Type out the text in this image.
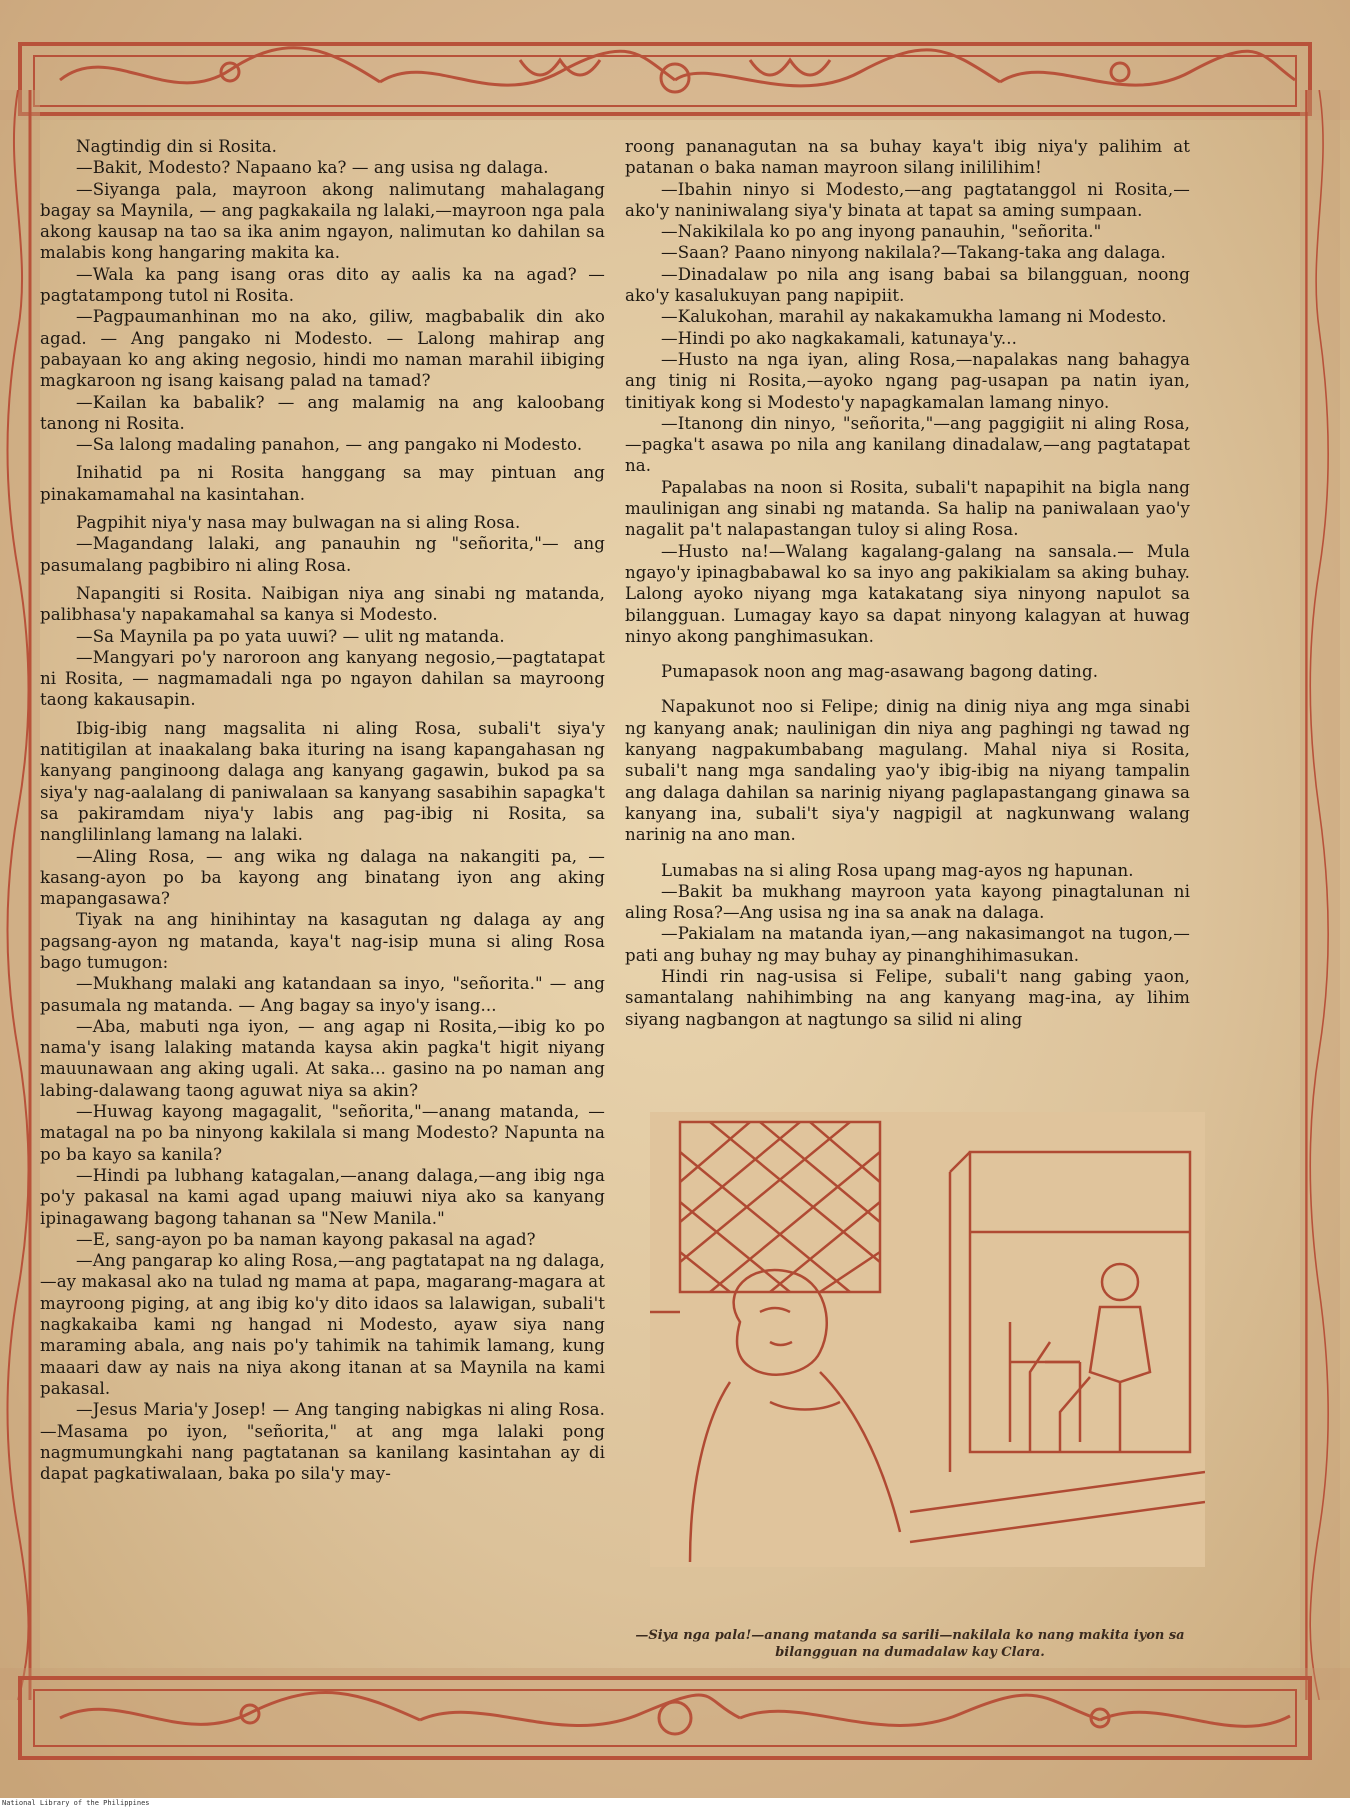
Nagtindig din si Rosita.

—Bakit, Modesto? Napaano ka? — ang usisa ng dalaga.

—Siyanga pala, mayroon akong nalimutang mahalagang bagay sa Maynila, — ang pagkakaila ng lalaki,—mayroon nga pala akong kausap na tao sa ika anim ngayon, nalimutan ko dahilan sa malabis kong hangaring makita ka.

—Wala ka pang isang oras dito ay aalis ka na agad? —pagtatampong tutol ni Rosita.

—Pagpaumanhinan mo na ako, giliw, magbabalik din ako agad. — Ang pangako ni Modesto. — Lalong mahirap ang pabayaan ko ang aking negosio, hindi mo naman marahil iibiging magkaroon ng isang kaisang palad na tamad?

—Kailan ka babalik? — ang malamig na ang kaloobang tanong ni Rosita.

—Sa lalong madaling panahon, — ang pangako ni Modesto.

Inihatid pa ni Rosita hanggang sa may pintuan ang pinakamamahal na kasintahan.

Pagpihit niya'y nasa may bulwagan na si aling Rosa.

—Magandang lalaki, ang panauhin ng "señorita,"— ang pasumalang pagbibiro ni aling Rosa.

Napangiti si Rosita. Naibigan niya ang sinabi ng matanda, palibhasa'y napakamahal sa kanya si Modesto.

—Sa Maynila pa po yata uuwi? — ulit ng matanda.

—Mangyari po'y naroroon ang kanyang negosio,—pagtatapat ni Rosita, — nagmamadali nga po ngayon dahilan sa mayroong taong kakausapin.

Ibig-ibig nang magsalita ni aling Rosa, subali't siya'y natitigilan at inaakalang baka ituring na isang kapangahasan ng kanyang panginoong dalaga ang kanyang gagawin, bukod pa sa siya'y nag-aalalang di paniwalaan sa kanyang sasabihin sapagka't sa pakiramdam niya'y labis ang pag-ibig ni Rosita, sa nanglilinlang lamang na lalaki.

—Aling Rosa, — ang wika ng dalaga na nakangiti pa, —kasang-ayon po ba kayong ang binatang iyon ang aking mapangasawa?

Tiyak na ang hinihintay na kasagutan ng dalaga ay ang pagsang-ayon ng matanda, kaya't nag-isip muna si aling Rosa bago tumugon:

—Mukhang malaki ang katandaan sa inyo, "señorita." — ang pasumala ng matanda. — Ang bagay sa inyo'y isang...

—Aba, mabuti nga iyon, — ang agap ni Rosita,—ibig ko po nama'y isang lalaking matanda kaysa akin pagka't higit niyang mauunawaan ang aking ugali. At saka... gasino na po naman ang labing-dalawang taong aguwat niya sa akin?

—Huwag kayong magagalit, "señorita,"—anang matanda, —matagal na po ba ninyong kakilala si mang Modesto? Napunta na po ba kayo sa kanila?

—Hindi pa lubhang katagalan,—anang dalaga,—ang ibig nga po'y pakasal na kami agad upang maiuwi niya ako sa kanyang ipinagawang bagong tahanan sa "New Manila."

—E, sang-ayon po ba naman kayong pakasal na agad?

—Ang pangarap ko aling Rosa,—ang pagtatapat na ng dalaga,—ay makasal ako na tulad ng mama at papa, magarang-magara at mayroong piging, at ang ibig ko'y dito idaos sa lalawigan, subali't nagkakaiba kami ng hangad ni Modesto, ayaw siya nang maraming abala, ang nais po'y tahimik na tahimik lamang, kung maaari daw ay nais na niya akong itanan at sa Maynila na kami pakasal.

—Jesus Maria'y Josep! — Ang tanging nabigkas ni aling Rosa.—Masama po iyon, "señorita," at ang mga lalaki pong nagmumungkahi nang pagtatanan sa kanilang kasintahan ay di dapat pagkatiwalaan, baka po sila'y may-

roong pananagutan na sa buhay kaya't ibig niya'y palihim at patanan o baka naman mayroon silang inililihim!

—Ibahin ninyo si Modesto,—ang pagtatanggol ni Rosita,—ako'y naniniwalang siya'y binata at tapat sa aming sumpaan.

—Nakikilala ko po ang inyong panauhin, "señorita."

—Saan? Paano ninyong nakilala?—Takang-taka ang dalaga.

—Dinadalaw po nila ang isang babai sa bilangguan, noong ako'y kasalukuyan pang napipiit.

—Kalukohan, marahil ay nakakamukha lamang ni Modesto.

—Hindi po ako nagkakamali, katunaya'y...

—Husto na nga iyan, aling Rosa,—napalakas nang bahagya ang tinig ni Rosita,—ayoko ngang pag-usapan pa natin iyan, tinitiyak kong si Modesto'y napagkamalan lamang ninyo.

—Itanong din ninyo, "señorita,"—ang paggigiit ni aling Rosa,—pagka't asawa po nila ang kanilang dinadalaw,—ang pagtatapat na.

Papalabas na noon si Rosita, subali't napapihit na bigla nang maulinigan ang sinabi ng matanda. Sa halip na paniwalaan yao'y nagalit pa't nalapastangan tuloy si aling Rosa.

—Husto na!—Walang kagalang-galang na sansala.— Mula ngayo'y ipinagbabawal ko sa inyo ang pakikialam sa aking buhay. Lalong ayoko niyang mga katakatang siya ninyong napulot sa bilangguan. Lumagay kayo sa dapat ninyong kalagyan at huwag ninyo akong panghimasukan.

Pumapasok noon ang mag-asawang bagong dating.

Napakunot noo si Felipe; dinig na dinig niya ang mga sinabi ng kanyang anak; naulinigan din niya ang paghingi ng tawad ng kanyang nagpakumbabang magulang. Mahal niya si Rosita, subali't nang mga sandaling yao'y ibig-ibig na niyang tampalin ang dalaga dahilan sa narinig niyang paglapastangang ginawa sa kanyang ina, subali't siya'y nagpigil at nagkunwang walang narinig na ano man.

Lumabas na si aling Rosa upang mag-ayos ng hapunan.

—Bakit ba mukhang mayroon yata kayong pinagtalunan ni aling Rosa?—Ang usisa ng ina sa anak na dalaga.

—Pakialam na matanda iyan,—ang nakasimangot na tugon,—pati ang buhay ng may buhay ay pinanghihimasukan.

Hindi rin nag-usisa si Felipe, subali't nang gabing yaon, samantalang nahihimbing na ang kanyang mag-ina, ay lihim siyang nagbangon at nagtungo sa silid ni aling

—Siya nga pala!—anang matanda sa sarili—nakilala ko nang makita iyon sa bilangguan na dumadalaw kay Clara.
National Library of the Philippines
